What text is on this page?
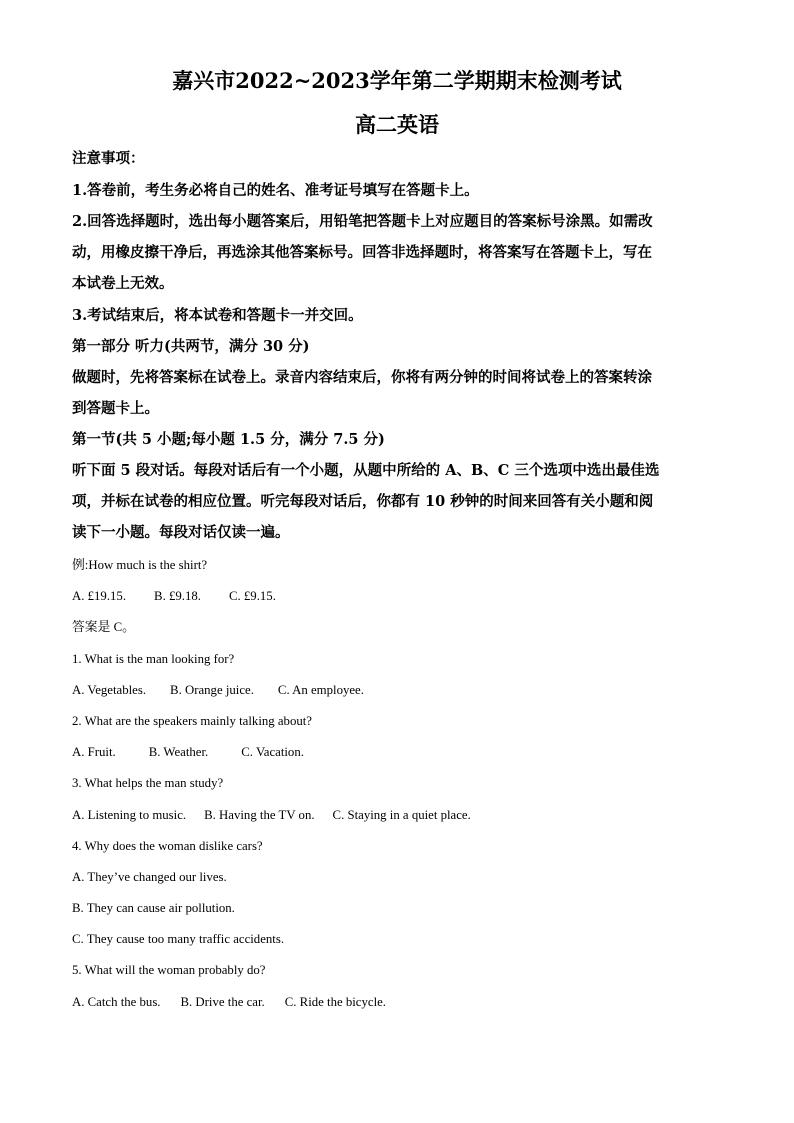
嘉兴市2022~2023学年第二学期期末检测考试
高二英语

注意事项：

1.答卷前，考生务必将自己的姓名、准考证号填写在答题卡上。

2.回答选择题时，选出每小题答案后，用铅笔把答题卡上对应题目的答案标号涂黑。如需改

动，用橡皮擦干净后，再选涂其他答案标号。回答非选择题时，将答案写在答题卡上，写在

本试卷上无效。

3.考试结束后，将本试卷和答题卡一并交回。

第一部分 听力(共两节，满分 30 分)

做题时，先将答案标在试卷上。录音内容结束后，你将有两分钟的时间将试卷上的答案转涂

到答题卡上。

第一节(共 5 小题;每小题 1.5 分，满分 7.5 分)

听下面 5 段对话。每段对话后有一个小题，从题中所给的 A、B、C 三个选项中选出最佳选

项，并标在试卷的相应位置。听完每段对话后，你都有 10 秒钟的时间来回答有关小题和阅

读下一小题。每段对话仅读一遍。

例:How much is the shirt?

A. £19.15. B. £9.18. C. £9.15.

答案是 C。

1. What is the man looking for?

A. Vegetables. B. Orange juice. C. An employee.

2. What are the speakers mainly talking about?

A. Fruit.	B. Weather.	C. Vacation.

3. What helps the man study?

A. Listening to music. B. Having the TV on. C. Staying in a quiet place.

4. Why does the woman dislike cars?

A. They’ve changed our lives.

B. They can cause air pollution.

C. They cause too many traffic accidents.

5. What will the woman probably do?

A. Catch the bus. B. Drive the car. C. Ride the bicycle.
